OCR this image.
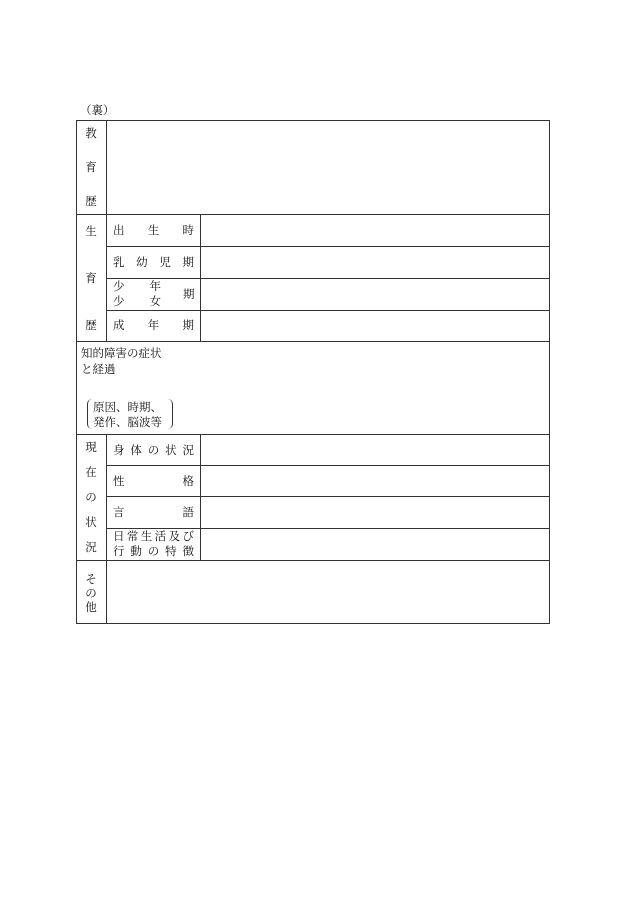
（裏）
教
育
歴
生
育
歴
出 生 時
乳 幼 児 期
少 年
少 女 期
成 年 期
知的障害の症状
と経過
原因、時期、
発作、脳波等
現
在
の
状
況
身 体 の 状 況
性	格
言	語
日 常 生 活 及 び
行 動 の 特 徴
そ
の
他
